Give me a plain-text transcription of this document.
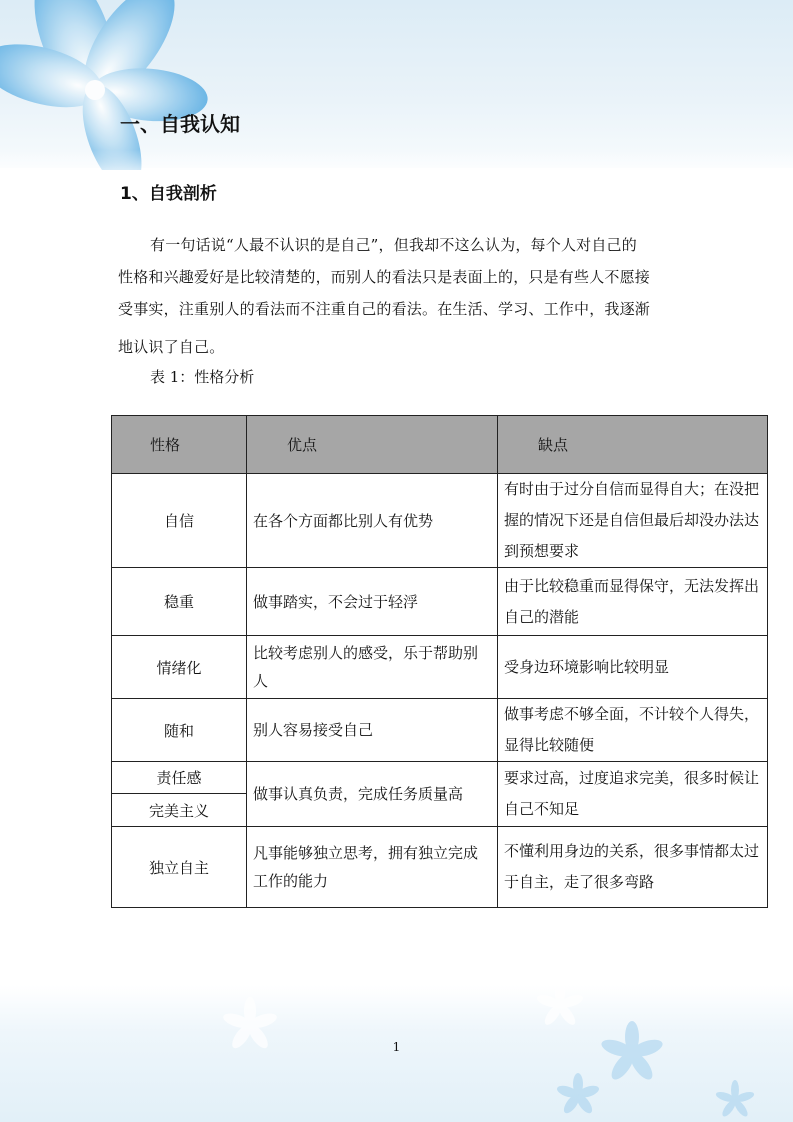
一、自我认知
1、自我剖析

有一句话说“人最不认识的是自己”，但我却不这么认为，每个人对自己的
性格和兴趣爱好是比较清楚的，而别人的看法只是表面上的，只是有些人不愿接
受事实，注重别人的看法而不注重自己的看法。在生活、学习、工作中，我逐渐
地认识了自己。

表 1：性格分析

性格	优点	缺点
自信	在各个方面都比别人有优势	有时由于过分自信而显得自大；在没把握的情况下还是自信但最后却没办法达到预想要求
稳重	做事踏实，不会过于轻浮	由于比较稳重而显得保守，无法发挥出自己的潜能
情绪化	比较考虑别人的感受，乐于帮助别人	受身边环境影响比较明显
随和	别人容易接受自己	做事考虑不够全面，不计较个人得失，显得比较随便
责任感	做事认真负责，完成任务质量高	要求过高，过度追求完美，很多时候让自己不知足
完美主义		
独立自主	凡事能够独立思考，拥有独立完成工作的能力	不懂利用身边的关系，很多事情都太过于自主，走了很多弯路

1
